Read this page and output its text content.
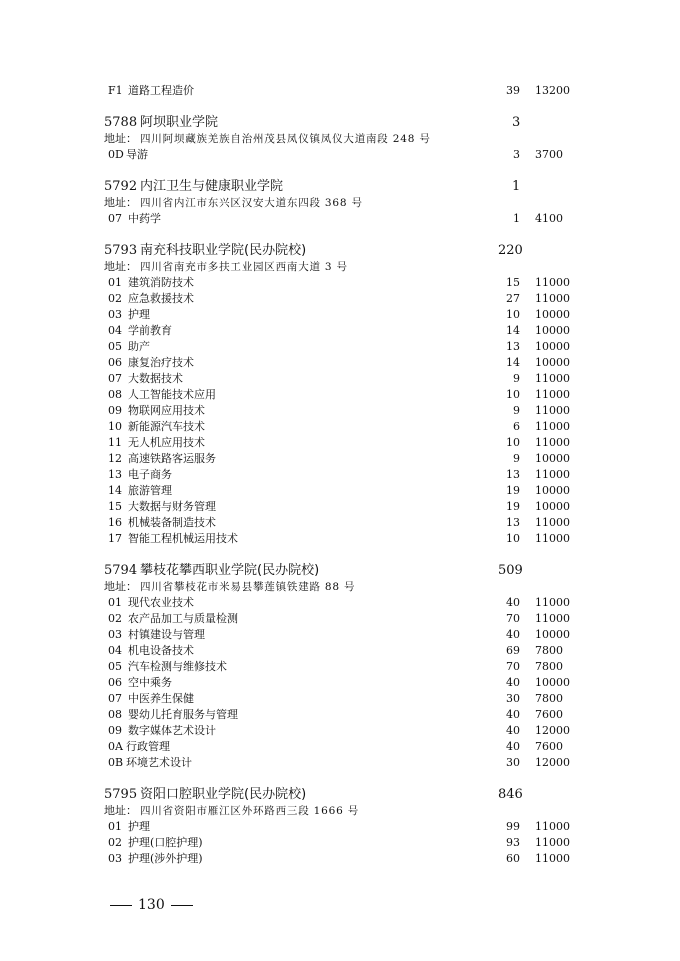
F1 道路工程造价	39 13200
5788 阿坝职业学院	3
地址： 四川阿坝藏族羌族自治州茂县凤仪镇凤仪大道南段 248 号
0D 导游	3 3700
5792 内江卫生与健康职业学院	1
地址： 四川省内江市东兴区汉安大道东四段 368 号
07 中药学	1 4100
5793 南充科技职业学院(民办院校)	220
地址： 四川省南充市多扶工业园区西南大道 3 号
01 建筑消防技术	15 11000
02 应急救援技术	27 11000
03 护理	10 10000
04 学前教育	14 10000
05 助产	13 10000
06 康复治疗技术	14 10000
07 大数据技术	9 11000
08 人工智能技术应用	10 11000
09 物联网应用技术	9 11000
10 新能源汽车技术	6 11000
11 无人机应用技术	10 11000
12 高速铁路客运服务	9 10000
13 电子商务	13 11000
14 旅游管理	19 10000
15 大数据与财务管理	19 10000
16 机械装备制造技术	13 11000
17 智能工程机械运用技术	10 11000
5794 攀枝花攀西职业学院(民办院校)	509
地址： 四川省攀枝花市米易县攀莲镇铁建路 88 号
01 现代农业技术	40 11000
02 农产品加工与质量检测	70 11000
03 村镇建设与管理	40 10000
04 机电设备技术	69 7800
05 汽车检测与维修技术	70 7800
06 空中乘务	40 10000
07 中医养生保健	30 7800
08 婴幼儿托育服务与管理	40 7600
09 数字媒体艺术设计	40 12000
0A 行政管理	40 7600
0B 环境艺术设计	30 12000
5795 资阳口腔职业学院(民办院校)	846
地址： 四川省资阳市雁江区外环路西三段 1666 号
01 护理	99 11000
02 护理(口腔护理)	93 11000
03 护理(涉外护理)	60 11000
130
